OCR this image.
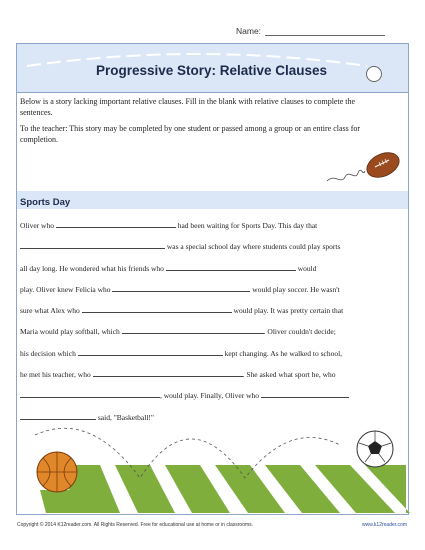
Name:
Progressive Story: Relative Clauses

Below is a story lacking important relative clauses. Fill in the blank with relative clauses to complete the sentences.

To the teacher: This story may be completed by one student or passed among a group or an entire class for completion.

Sports Day
Oliver who	had been waiting for Sports Day. This day that
was a special school day where students could play sports
all day long. He wondered what his friends who	would
play. Oliver knew Felicia who	would play soccer. He wasn't
sure what Alex who	would play. It was pretty certain that
Maria would play softball, which	. Oliver couldn't decide;
his decision which	kept changing. As he walked to school,
he met his teacher, who	. She asked what sport he, who
, would play. Finally, Oliver who
said, "Basketball!"
Copyright © 2014 K12reader.com. All Rights Reserved. Free for educational use at home or in classrooms.	www.k12reader.com
